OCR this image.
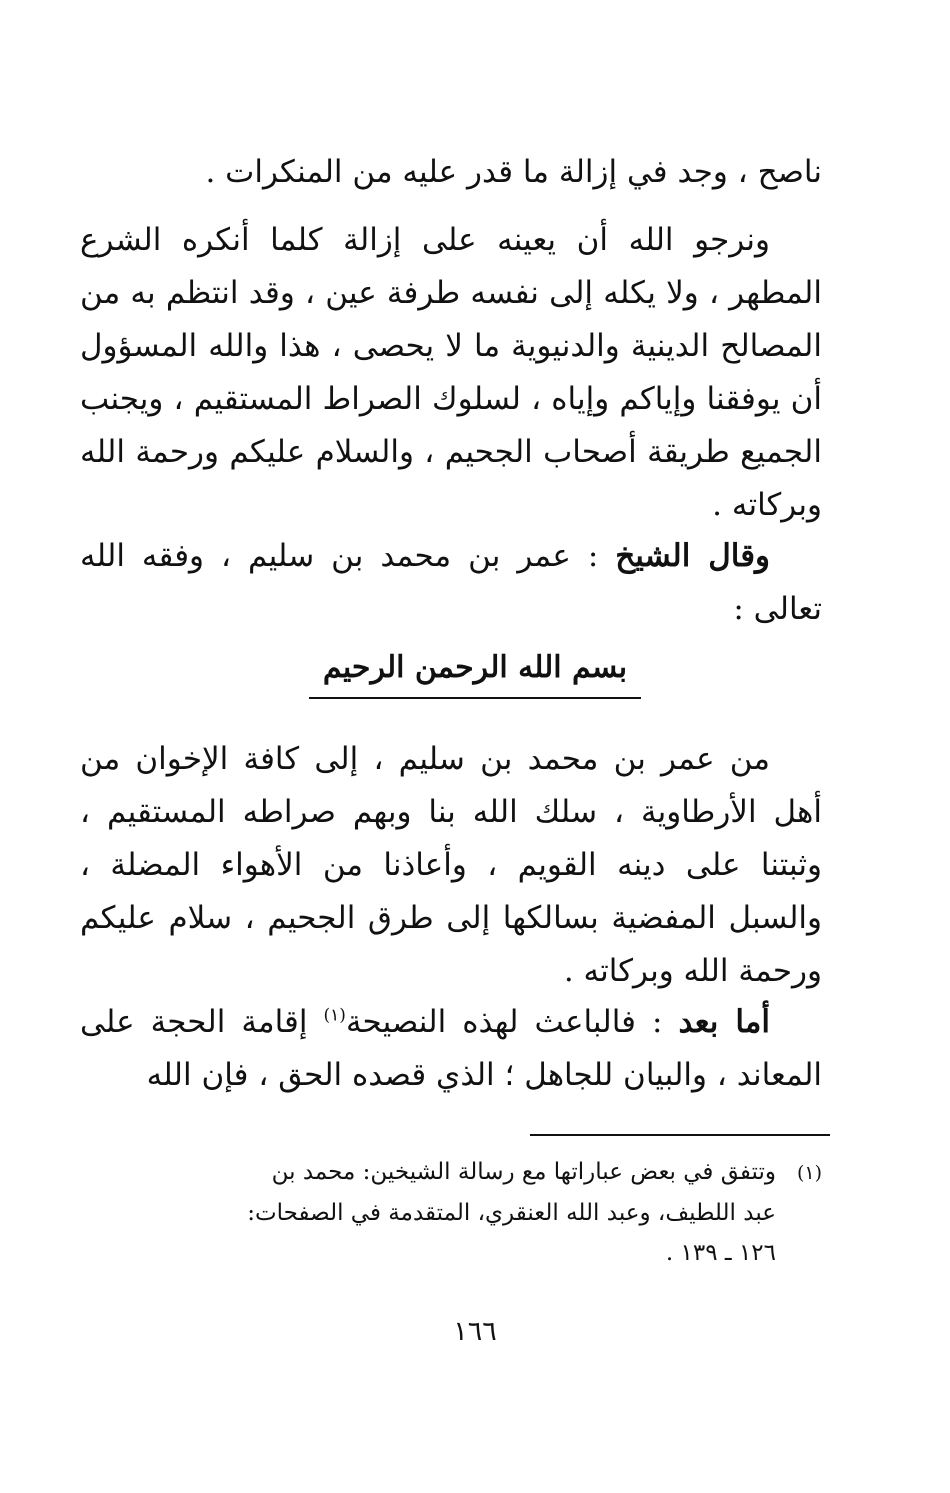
ناصح ، وجد في إزالة ما قدر عليه من المنكرات .

ونرجو الله أن يعينه على إزالة كلما أنكره الشرع المطهر ، ولا يكله إلى نفسه طرفة عين ، وقد انتظم به من المصالح الدينية والدنيوية ما لا يحصى ، هذا والله المسؤول أن يوفقنا وإياكم وإياه ، لسلوك الصراط المستقيم ، ويجنب الجميع طريقة أصحاب الجحيم ، والسلام عليكم ورحمة الله وبركاته .

وقال الشيخ : عمر بن محمد بن سليم ، وفقه الله تعالى :

بسم الله الرحمن الرحيم

من عمر بن محمد بن سليم ، إلى كافة الإخوان من أهل الأرطاوية ، سلك الله بنا وبهم صراطه المستقيم ، وثبتنا على دينه القويم ، وأعاذنا من الأهواء المضلة ، والسبل المفضية بسالكها إلى طرق الجحيم ، سلام عليكم ورحمة الله وبركاته .

أما بعد : فالباعث لهذه النصيحة$^{(١)}$ إقامة الحجة على المعاند ، والبيان للجاهل ؛ الذي قصده الحق ، فإن الله

(١)وتتفق في بعض عباراتها مع رسالة الشيخين: محمد بن
عبد اللطيف، وعبد الله العنقري، المتقدمة في الصفحات:
١٢٦ ـ ١٣٩ .
١٦٦
